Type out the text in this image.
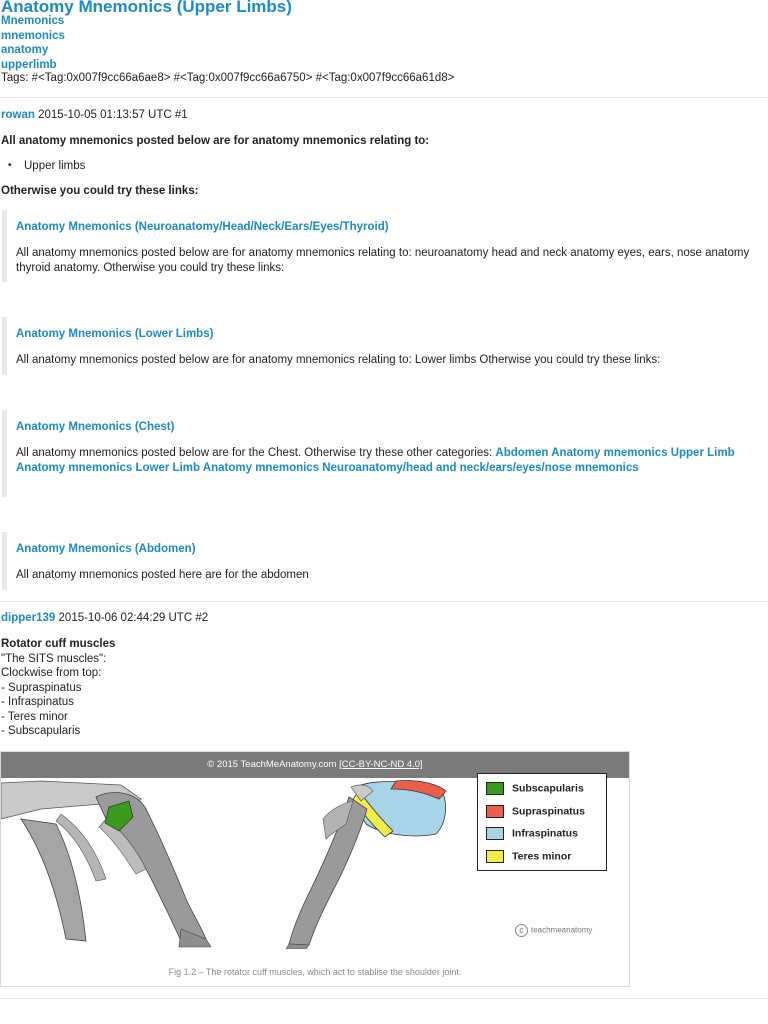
Anatomy Mnemonics (Upper Limbs)
Mnemonics
mnemonics
anatomy
upperlimb
Tags: #<Tag:0x007f9cc66a6ae8> #<Tag:0x007f9cc66a6750> #<Tag:0x007f9cc66a61d8>
rowan 2015-10-05 01:13:57 UTC #1
All anatomy mnemonics posted below are for anatomy mnemonics relating to:
• Upper limbs
Otherwise you could try these links:
Anatomy Mnemonics (Neuroanatomy/Head/Neck/Ears/Eyes/Thyroid)
All anatomy mnemonics posted below are for anatomy mnemonics relating to: neuroanatomy head and neck anatomy eyes, ears, nose anatomy thyroid anatomy. Otherwise you could try these links:
Anatomy Mnemonics (Lower Limbs)
All anatomy mnemonics posted below are for anatomy mnemonics relating to: Lower limbs Otherwise you could try these links:
Anatomy Mnemonics (Chest)
All anatomy mnemonics posted below are for the Chest. Otherwise try these other categories: Abdomen Anatomy mnemonics Upper Limb Anatomy mnemonics Lower Limb Anatomy mnemonics Neuroanatomy/head and neck/ears/eyes/nose mnemonics
Anatomy Mnemonics (Abdomen)
All anatomy mnemonics posted here are for the abdomen
dipper139 2015-10-06 02:44:29 UTC #2
Rotator cuff muscles
"The SITS muscles":
Clockwise from top:
- Supraspinatus
- Infraspinatus
- Teres minor
- Subscapularis
© 2015 TeachMeAnatomy.com [CC-BY-NC-ND 4.0]
Subscapularis
Supraspinatus
Infraspinatus
Teres minor
c teachmeanatomy
Fig 1.2 – The rotator cuff muscles, which act to stablise the shoulder joint.
